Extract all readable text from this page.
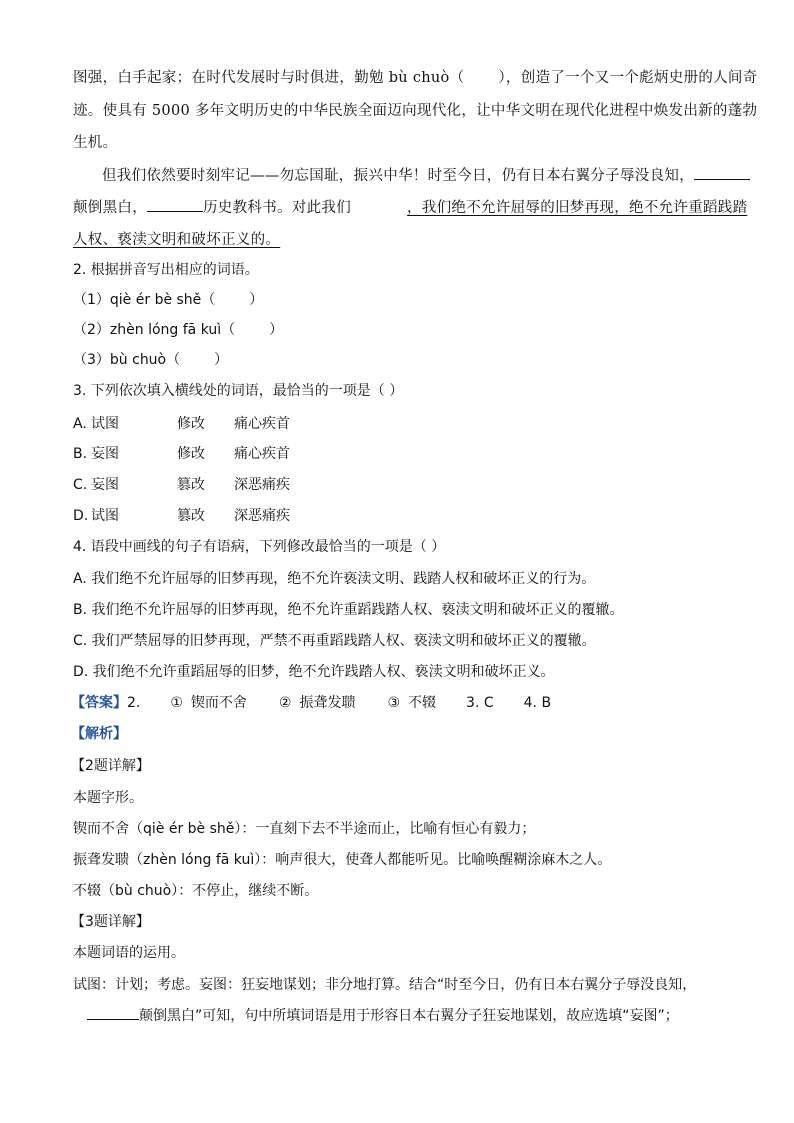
图强，白手起家；在时代发展时与时俱进，勤勉 bù chuò（ ），创造了一个又一个彪炳史册的人间奇
迹。使具有 5000 多年文明历史的中华民族全面迈向现代化，让中华文明在现代化进程中焕发出新的蓬勃
生机。
但我们依然要时刻牢记——勿忘国耻，振兴中华！时至今日，仍有日本右翼分子辱没良知，
颠倒黑白，	历史教科书。对此我们	，我们绝不允许屈辱的旧梦再现，绝不允许重蹈践踏
人权、亵渎文明和破坏正义的。
2. 根据拼音写出相应的词语。
（1）qiè ér bè shě（ ）
（2）zhèn lóng fā kuì（ ）
（3）bù chuò（ ）
3. 下列依次填入横线处的词语，最恰当的一项是（ ）
A. 试图	修改 痛心疾首
B. 妄图	修改 痛心疾首
C. 妄图	篡改 深恶痛疾
D. 试图	篡改 深恶痛疾
4. 语段中画线的句子有语病，下列修改最恰当的一项是（ ）
A. 我们绝不允许屈辱的旧梦再现，绝不允许亵渎文明、践踏人权和破坏正义的行为。
B. 我们绝不允许屈辱的旧梦再现，绝不允许重蹈践踏人权、亵渎文明和破坏正义的覆辙。
C. 我们严禁屈辱的旧梦再现，严禁不再重蹈践踏人权、亵渎文明和破坏正义的覆辙。
D. 我们绝不允许重蹈屈辱的旧梦，绝不允许践踏人权、亵渎文明和破坏正义。
【答案】2. ① 锲而不舍 ② 振聋发聩 ③ 不辍 3. C 4. B
【解析】
【2题详解】
本题字形。
锲而不舍（qiè ér bè shě）：一直刻下去不半途而止，比喻有恒心有毅力；
振聋发聩（zhèn lóng fā kuì）：响声很大，使聋人都能听见。比喻唤醒糊涂麻木之人。
不辍（bù chuò）：不停止，继续不断。
【3题详解】
本题词语的运用。
试图：计划；考虑。妄图：狂妄地谋划；非分地打算。结合“时至今日，仍有日本右翼分子辱没良知，
颠倒黑白”可知，句中所填词语是用于形容日本右翼分子狂妄地谋划，故应选填“妄图”；
